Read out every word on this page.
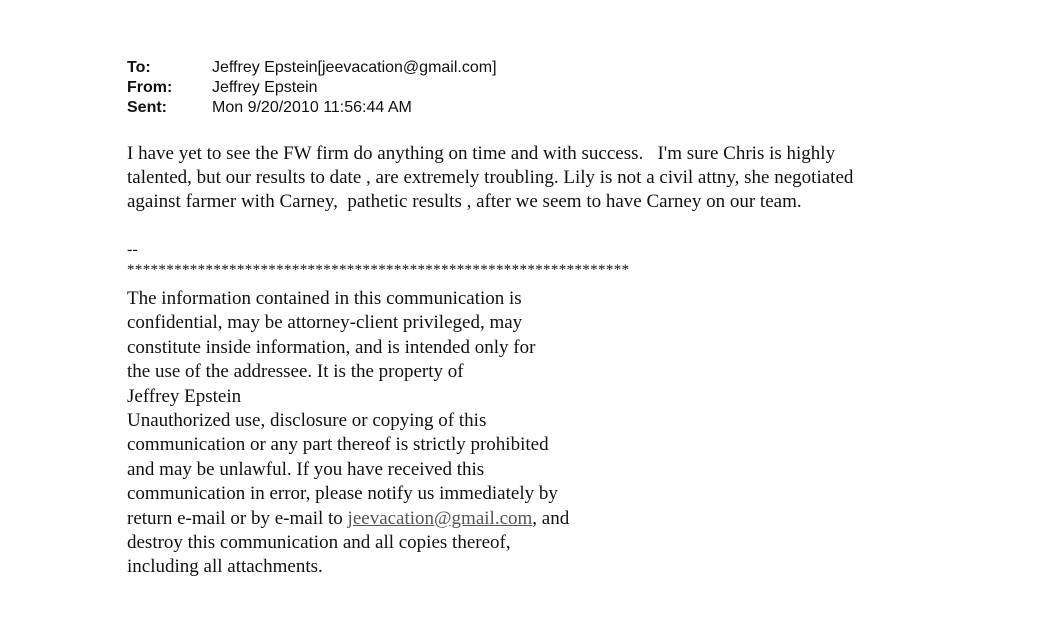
To:	Jeffrey Epstein[jeevacation@gmail.com]
From:	Jeffrey Epstein
Sent:	Mon 9/20/2010 11:56:44 AM
I have yet to see the FW firm do anything on time and with success.   I'm sure Chris is highly
talented, but our results to date , are extremely troubling. Lily is not a civil attny, she negotiated
against farmer with Carney,  pathetic results , after we seem to have Carney on our team.
--
****************************************************************
The information contained in this communication is
confidential, may be attorney-client privileged, may
constitute inside information, and is intended only for
the use of the addressee. It is the property of
Jeffrey Epstein
Unauthorized use, disclosure or copying of this
communication or any part thereof is strictly prohibited
and may be unlawful. If you have received this
communication in error, please notify us immediately by
return e-mail or by e-mail to jeevacation@gmail.com, and
destroy this communication and all copies thereof,
including all attachments.
